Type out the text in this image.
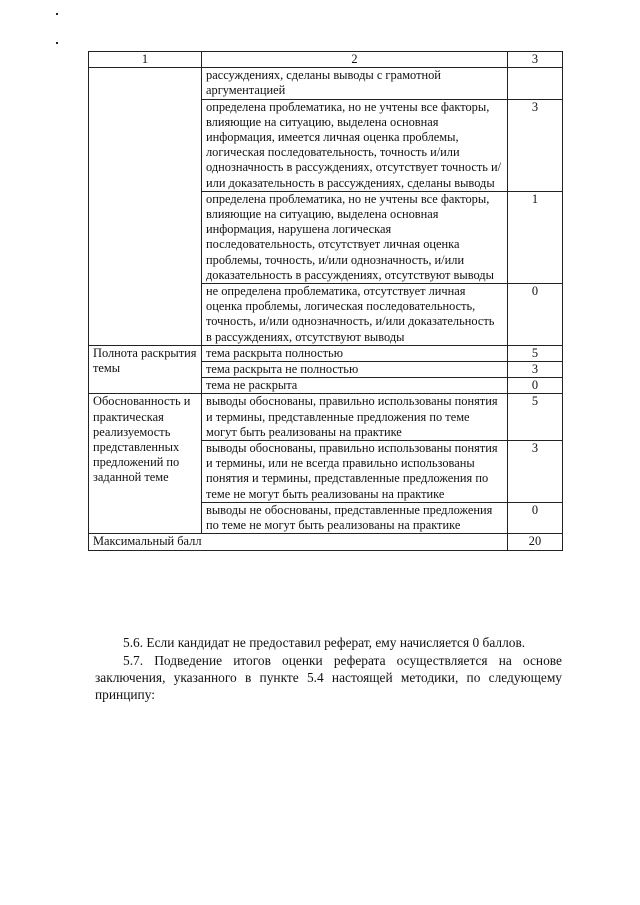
1	2	3
	рассуждениях, сделаны выводы с грамотной аргументацией	
	определена проблематика, но не учтены все факторы, влияющие на ситуацию, выделена основная информация, имеется личная оценка проблемы, логическая последовательность, точность и/или однозначность в рассуждениях, отсутствует точность и/или доказательность в рассуждениях, сделаны выводы	3
	определена проблематика, но не учтены все факторы, влияющие на ситуацию, выделена основная информация, нарушена логическая последовательность, отсутствует личная оценка проблемы, точность, и/или однозначность, и/или доказательность в рассуждениях, отсутствуют выводы	1
	не определена проблематика, отсутствует личная оценка проблемы, логическая последовательность, точность, и/или однозначность, и/или доказательность в рассуждениях, отсутствуют выводы	0
Полнота раскрытия темы	тема раскрыта полностью	5
	тема раскрыта не полностью	3
	тема не раскрыта	0
Обоснованность и практическая реализуемость представленных предложений по заданной теме	выводы обоснованы, правильно использованы понятия и термины, представленные предложения по теме могут быть реализованы на практике	5
	выводы обоснованы, правильно использованы понятия и термины, или не всегда правильно использованы понятия и термины, представленные предложения по теме не могут быть реализованы на практике	3
	выводы не обоснованы, представленные предложения по теме не могут быть реализованы на практике	0
Максимальный балл		20
5.6. Если кандидат не предоставил реферат, ему начисляется 0 баллов.
5.7. Подведение итогов оценки реферата осуществляется на основе заключения, указанного в пункте 5.4 настоящей методики, по следующему принципу:
